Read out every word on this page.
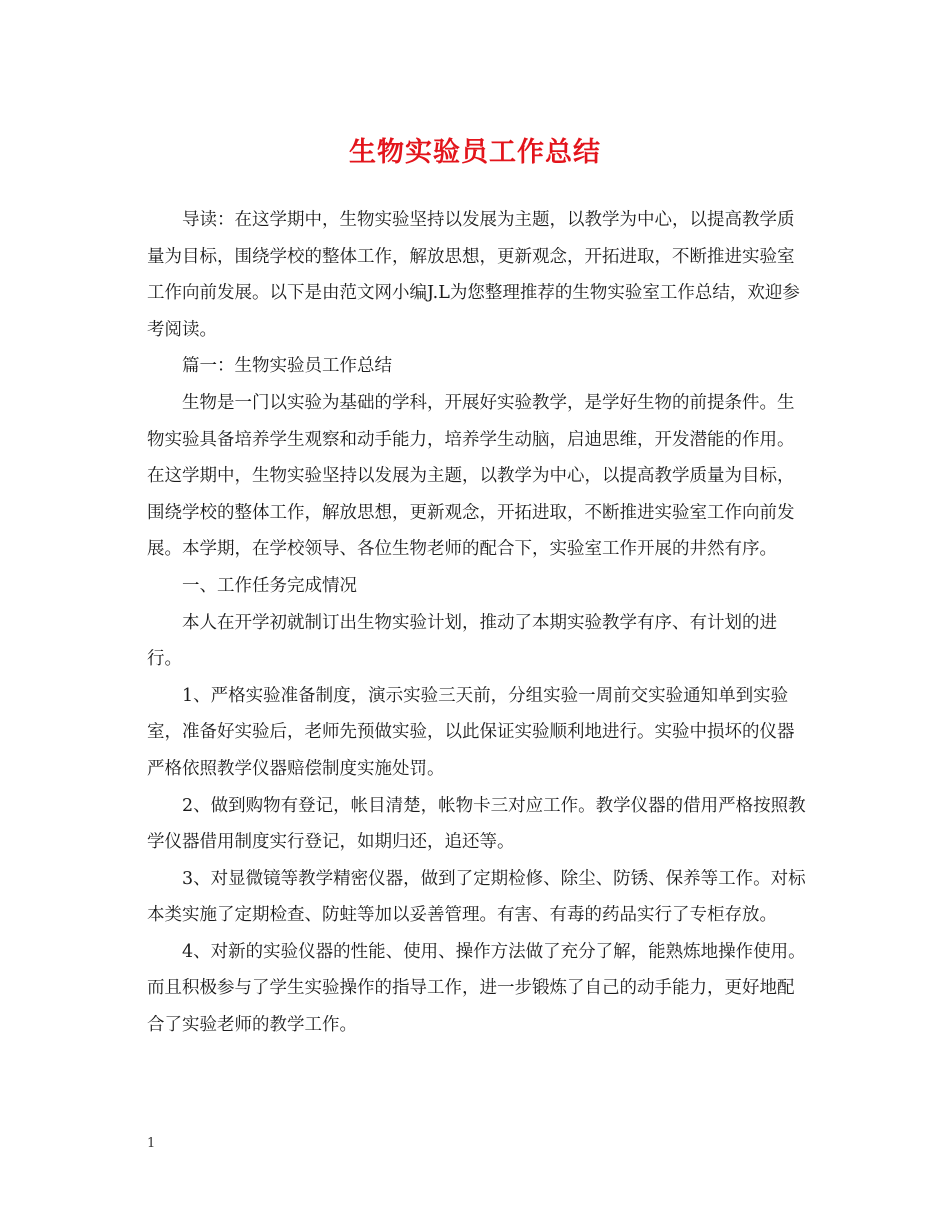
生物实验员工作总结

导读：在这学期中，生物实验坚持以发展为主题，以教学为中心，以提高教学质量为目标，围绕学校的整体工作，解放思想，更新观念，开拓进取，不断推进实验室工作向前发展。以下是由范文网小编J.L为您整理推荐的生物实验室工作总结，欢迎参考阅读。

篇一：生物实验员工作总结

生物是一门以实验为基础的学科，开展好实验教学，是学好生物的前提条件。生物实验具备培养学生观察和动手能力，培养学生动脑，启迪思维，开发潜能的作用。在这学期中，生物实验坚持以发展为主题，以教学为中心，以提高教学质量为目标，围绕学校的整体工作，解放思想，更新观念，开拓进取，不断推进实验室工作向前发展。本学期，在学校领导、各位生物老师的配合下，实验室工作开展的井然有序。

一、工作任务完成情况

本人在开学初就制订出生物实验计划，推动了本期实验教学有序、有计划的进行。

1、严格实验准备制度，演示实验三天前，分组实验一周前交实验通知单到实验室，准备好实验后，老师先预做实验，以此保证实验顺利地进行。实验中损坏的仪器严格依照教学仪器赔偿制度实施处罚。

2、做到购物有登记，帐目清楚，帐物卡三对应工作。教学仪器的借用严格按照教学仪器借用制度实行登记，如期归还，追还等。

3、对显微镜等教学精密仪器，做到了定期检修、除尘、防锈、保养等工作。对标本类实施了定期检查、防蛀等加以妥善管理。有害、有毒的药品实行了专柜存放。

4、对新的实验仪器的性能、使用、操作方法做了充分了解，能熟炼地操作使用。而且积极参与了学生实验操作的指导工作，进一步锻炼了自己的动手能力，更好地配合了实验老师的教学工作。

1
